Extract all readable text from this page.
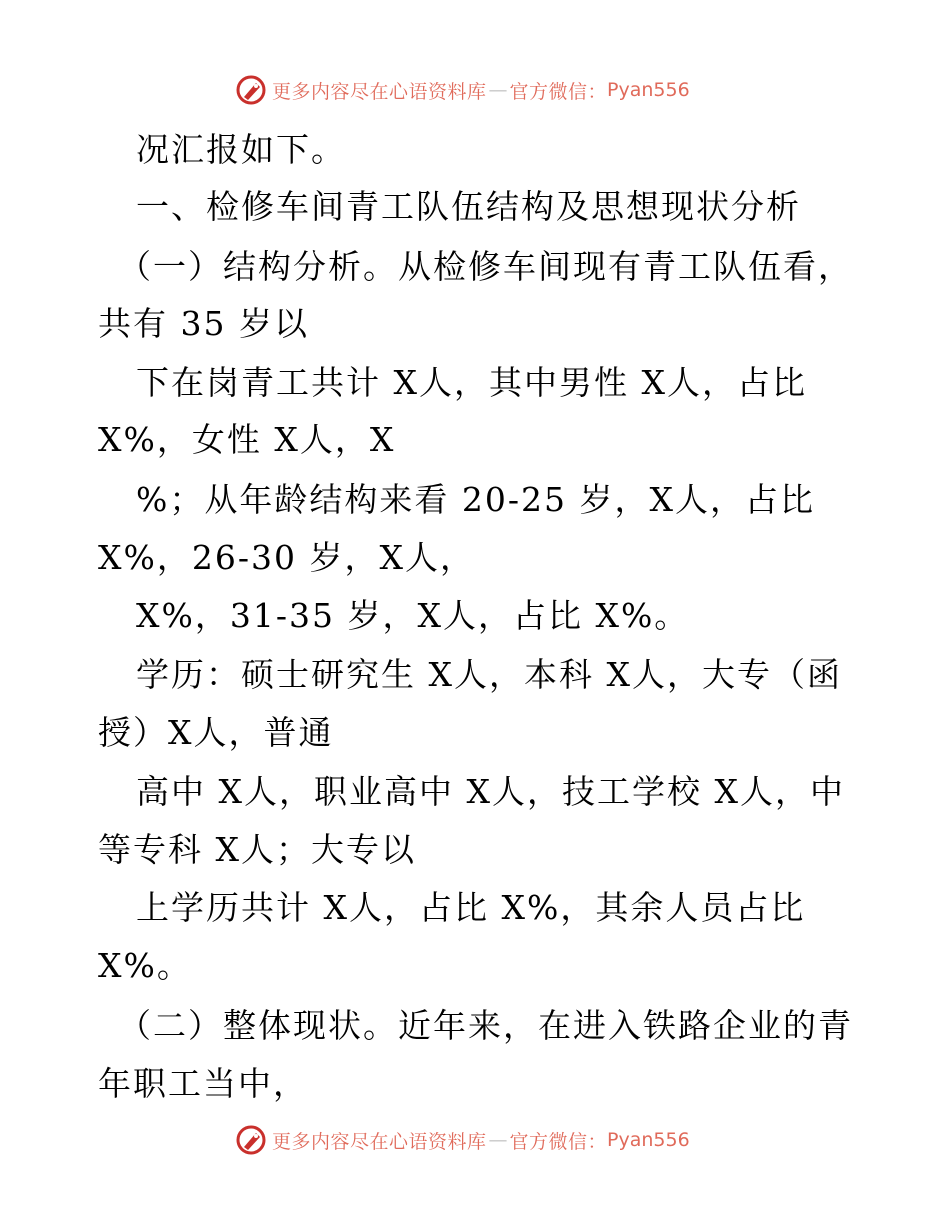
更多内容尽在心语资料库 — 官方微信： Pyan556
况汇报如下。
一、检修车间青工队伍结构及思想现状分析
（一）结构分析。从检修车间现有青工队伍看，
共有 35 岁以
下在岗青工共计 X人，其中男性 X人，占比
X%，女性 X人，X
%；从年龄结构来看 20-25 岁，X人，占比
X%，26-30 岁，X人，
X%，31-35 岁，X人，占比 X%。
学历：硕士研究生 X人，本科 X人，大专（函
授）X人，普通
高中 X人，职业高中 X人，技工学校 X人，中
等专科 X人；大专以
上学历共计 X人，占比 X%，其余人员占比
X%。
（二）整体现状。近年来，在进入铁路企业的青
年职工当中，
更多内容尽在心语资料库 — 官方微信： Pyan556
